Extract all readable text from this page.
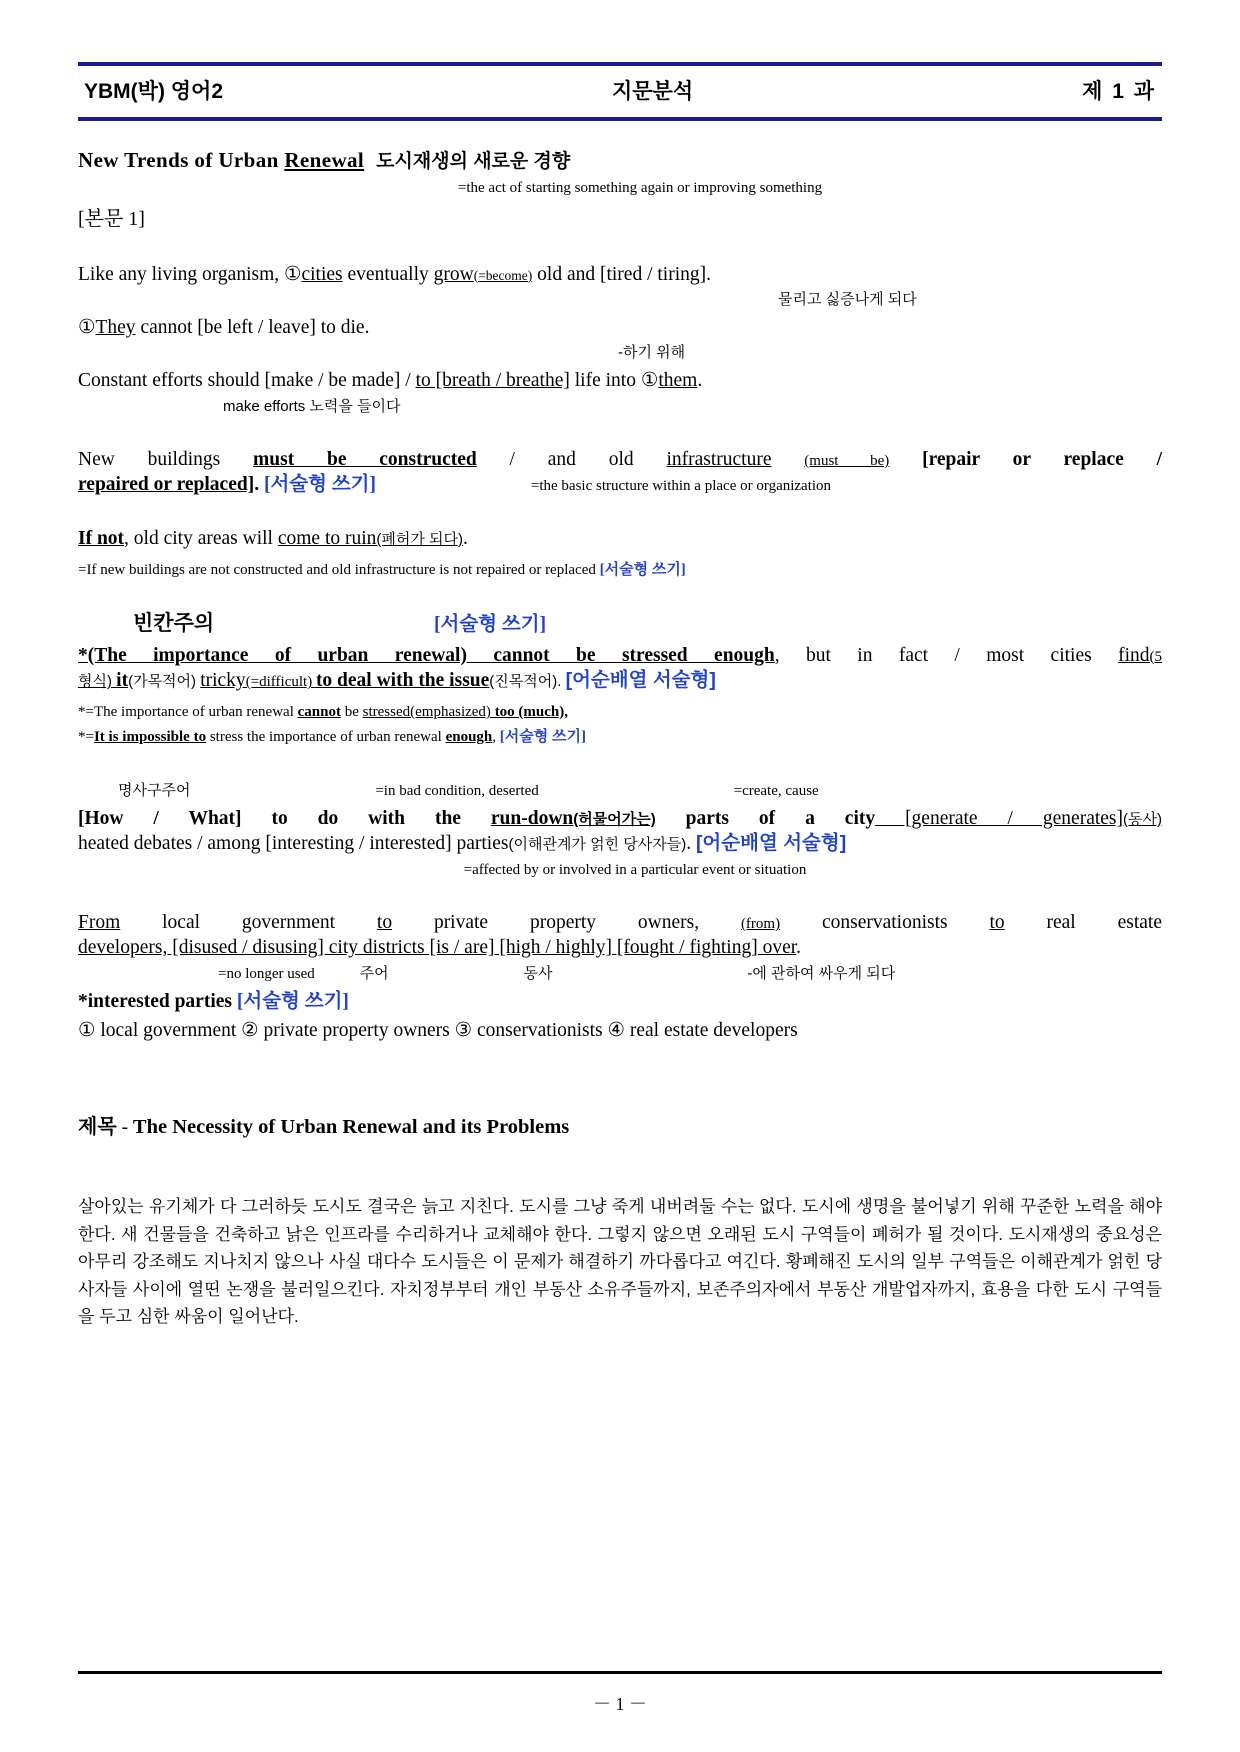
YBM(박) 영어2	지문분석	제 1 과
New Trends of Urban Renewal 도시재생의 새로운 경향
=the act of starting something again or improving something
[본문 1]
Like any living organism, ①cities eventually grow(=become) old and [tired / tiring].
물리고 싫증나게 되다
①They cannot [be left / leave] to die.
-하기 위해
Constant efforts should [make / be made] / to [breath / breathe] life into ①them.
make efforts 노력을 들이다
New buildings must be constructed / and old infrastructure (must be) [repair or replace /
repaired or replaced]. [서술형 쓰기]	=the basic structure within a place or organization
If not, old city areas will come to ruin(폐허가 되다).
=If new buildings are not constructed and old infrastructure is not repaired or replaced [서술형 쓰기]
빈칸주의	[서술형 쓰기]
*(The importance of urban renewal) cannot be stressed enough, but in fact / most cities find(5
형식) it(가목적어) tricky(=difficult) to deal with the issue(진목적어). [어순배열 서술형]
*=The importance of urban renewal cannot be stressed(emphasized) too (much),
*=It is impossible to stress the importance of urban renewal enough, [서술형 쓰기]
명사구주어	=in bad condition, deserted	=create, cause
[How / What] to do with the run-down(허물어가는) parts of a city [generate / generates](동사)
heated debates / among [interesting / interested] parties(이해관계가 얽힌 당사자들). [어순배열 서술형]
=affected by or involved in a particular event or situation
From local government to private property owners, (from) conservationists to real estate
developers, [disused / disusing] city districts [is / are] [high / highly] [fought / fighting] over.
=no longer used	주어	동사	-에 관하여 싸우게 되다
*interested parties [서술형 쓰기]
① local government ② private property owners ③ conservationists ④ real estate developers
제목 - The Necessity of Urban Renewal and its Problems
살아있는 유기체가 다 그러하듯 도시도 결국은 늙고 지친다. 도시를 그냥 죽게 내버려둘 수는 없다. 도시에 생명을 불어넣기 위해 꾸준한 노력을 해야 한다. 새 건물들을 건축하고 낡은 인프라를 수리하거나 교체해야 한다. 그렇지 않으면 오래된 도시 구역들이 폐허가 될 것이다. 도시재생의 중요성은 아무리 강조해도 지나치지 않으나 사실 대다수 도시들은 이 문제가 해결하기 까다롭다고 여긴다. 황폐해진 도시의 일부 구역들은 이해관계가 얽힌 당사자들 사이에 열띤 논쟁을 불러일으킨다. 자치정부부터 개인 부동산 소유주들까지, 보존주의자에서 부동산 개발업자까지, 효용을 다한 도시 구역들을 두고 심한 싸움이 일어난다.
－ 1 －
